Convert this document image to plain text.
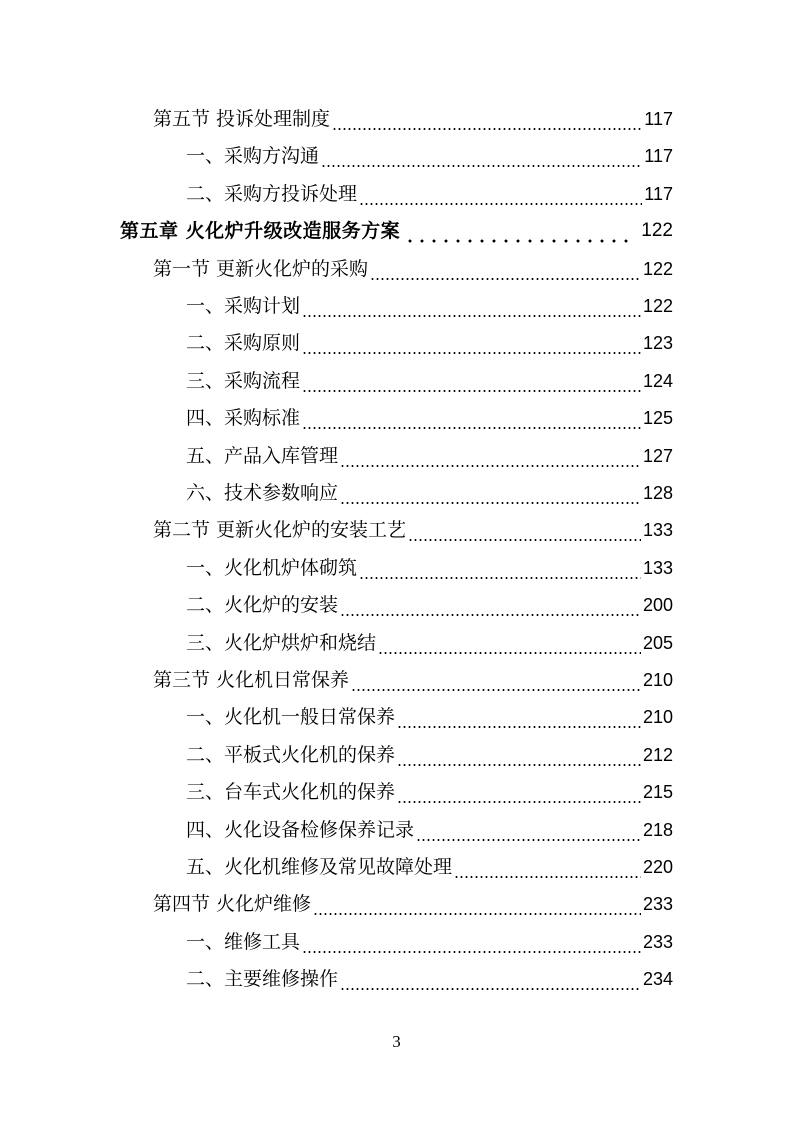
第五节 投诉处理制度	117
一、采购方沟通	117
二、采购方投诉处理	117
第五章 火化炉升级改造服务方案	122
第一节 更新火化炉的采购	122
一、采购计划	122
二、采购原则	123
三、采购流程	124
四、采购标准	125
五、产品入库管理	127
六、技术参数响应	128
第二节 更新火化炉的安装工艺	133
一、火化机炉体砌筑	133
二、火化炉的安装	200
三、火化炉烘炉和烧结	205
第三节 火化机日常保养	210
一、火化机一般日常保养	210
二、平板式火化机的保养	212
三、台车式火化机的保养	215
四、火化设备检修保养记录	218
五、火化机维修及常见故障处理	220
第四节 火化炉维修	233
一、维修工具	233
二、主要维修操作	234
3
